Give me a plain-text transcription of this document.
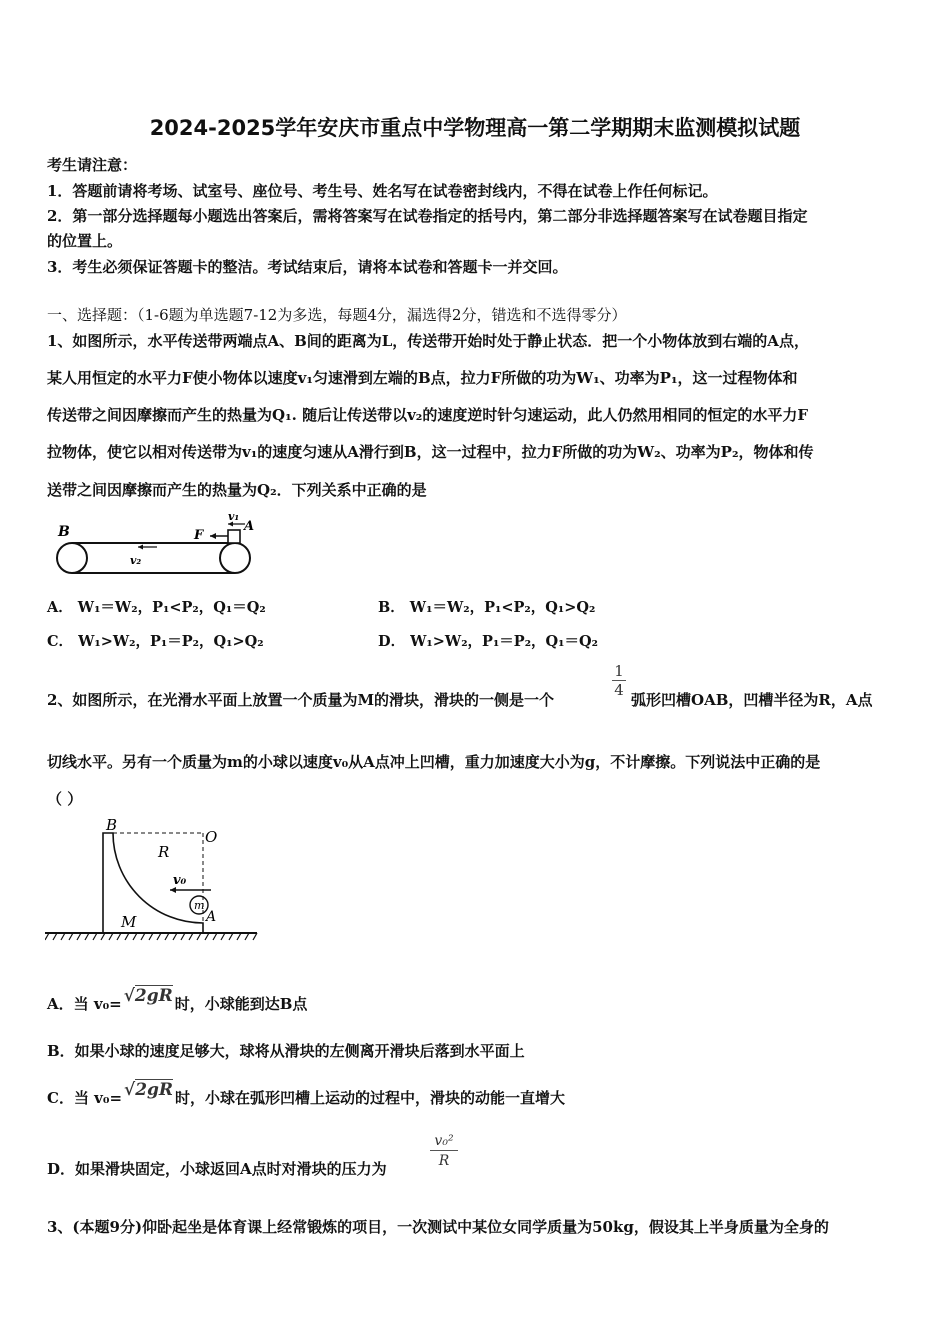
2024-2025学年安庆市重点中学物理高一第二学期期末监测模拟试题
考生请注意：
1．答题前请将考场、试室号、座位号、考生号、姓名写在试卷密封线内，不得在试卷上作任何标记。
2．第一部分选择题每小题选出答案后，需将答案写在试卷指定的括号内，第二部分非选择题答案写在试卷题目指定
的位置上。
3．考生必须保证答题卡的整洁。考试结束后，请将本试卷和答题卡一并交回。
一、选择题：（1-6题为单选题7-12为多选，每题4分，漏选得2分，错选和不选得零分）
1、如图所示，水平传送带两端点A、B间的距离为L，传送带开始时处于静止状态．把一个小物体放到右端的A点，
某人用恒定的水平力F使小物体以速度v₁匀速滑到左端的B点，拉力F所做的功为W₁、功率为P₁，这一过程物体和
传送带之间因摩擦而产生的热量为Q₁. 随后让传送带以v₂的速度逆时针匀速运动，此人仍然用相同的恒定的水平力F
拉物体，使它以相对传送带为v₁的速度匀速从A滑行到B，这一过程中，拉力F所做的功为W₂、功率为P₂，物体和传
送带之间因摩擦而产生的热量为Q₂．下列关系中正确的是
B	A
F
v₁
v₂
A． W₁＝W₂，P₁<P₂，Q₁＝Q₂	B． W₁＝W₂，P₁<P₂，Q₁>Q₂
C． W₁>W₂，P₁＝P₂，Q₁>Q₂	D． W₁>W₂，P₁＝P₂，Q₁＝Q₂
2、如图所示，在光滑水平面上放置一个质量为M的滑块，滑块的一侧是一个
$\frac{1}{4}$
弧形凹槽OAB，凹槽半径为R，A点
切线水平。另有一个质量为m的小球以速度v₀从A点冲上凹槽，重力加速度大小为g，不计摩擦。下列说法中正确的是
（ ）
B
O
R
v₀
m
M	A
A．当 v₀= √2gR 时，小球能到达B点
B．如果小球的速度足够大，球将从滑块的左侧离开滑块后落到水平面上
C．当 v₀= √2gR 时，小球在弧形凹槽上运动的过程中，滑块的动能一直增大
D．如果滑块固定，小球返回A点时对滑块的压力为	$\frac{\text{v₀²}}{R}$
3、(本题9分)仰卧起坐是体育课上经常锻炼的项目，一次测试中某位女同学质量为50kg，假设其上半身质量为全身的
